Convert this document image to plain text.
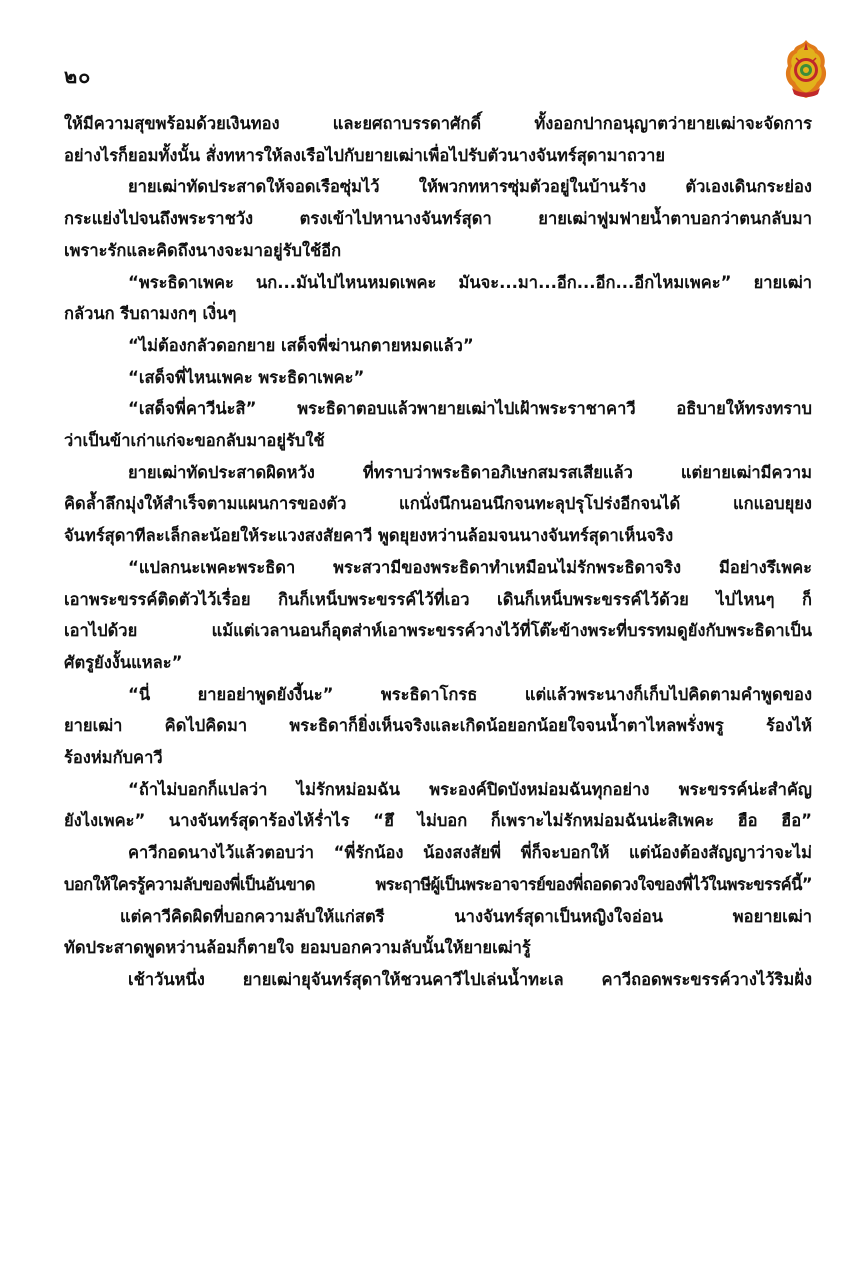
๒๐
ให้มีความสุขพร้อมด้วยเงินทอง และยศถาบรรดาศักดิ์ ทั้งออกปากอนุญาตว่ายายเฒ่าจะจัดการ
อย่างไรก็ยอมทั้งนั้น สั่งทหารให้ลงเรือไปกับยายเฒ่าเพื่อไปรับตัวนางจันทร์สุดามาถวาย
ยายเฒ่าทัดประสาดให้จอดเรือซุ่มไว้ ให้พวกทหารซุ่มตัวอยู่ในบ้านร้าง ตัวเองเดินกระย่อง
กระแย่งไปจนถึงพระราชวัง ตรงเข้าไปหานางจันทร์สุดา ยายเฒ่าฟูมฟายน้ำตาบอกว่าตนกลับมา
เพราะรักและคิดถึงนางจะมาอยู่รับใช้อีก
“พระธิดาเพคะ นก...มันไปไหนหมดเพคะ มันจะ...มา...อีก...อีก...อีกไหมเพคะ” ยายเฒ่า
กลัวนก รีบถามงกๆ เงิ่นๆ
“ไม่ต้องกลัวดอกยาย เสด็จพี่ฆ่านกตายหมดแล้ว”
“เสด็จพี่ไหนเพคะ พระธิดาเพคะ”
“เสด็จพี่คาวีน่ะสิ” พระธิดาตอบแล้วพายายเฒ่าไปเฝ้าพระราชาคาวี อธิบายให้ทรงทราบ
ว่าเป็นข้าเก่าแก่จะขอกลับมาอยู่รับใช้
ยายเฒ่าทัดประสาดผิดหวัง ที่ทราบว่าพระธิดาอภิเษกสมรสเสียแล้ว แต่ยายเฒ่ามีความ
คิดล้ำลึกมุ่งให้สำเร็จตามแผนการของตัว แกนั่งนึกนอนนึกจนทะลุปรุโปร่งอีกจนได้ แกแอบยุยง
จันทร์สุดาทีละเล็กละน้อยให้ระแวงสงสัยคาวี พูดยุยงหว่านล้อมจนนางจันทร์สุดาเห็นจริง
“แปลกนะเพคะพระธิดา พระสวามีของพระธิดาทำเหมือนไม่รักพระธิดาจริง มีอย่างรึเพคะ
เอาพระขรรค์ติดตัวไว้เรื่อย กินก็เหน็บพระขรรค์ไว้ที่เอว เดินก็เหน็บพระขรรค์ไว้ด้วย ไปไหนๆ ก็
เอาไปด้วย แม้แต่เวลานอนก็อุตส่าห์เอาพระขรรค์วางไว้ที่โต๊ะข้างพระที่บรรทมดูยังกับพระธิดาเป็น
ศัตรูยังงั้นแหละ”
“นี่ ยายอย่าพูดยังงี้นะ” พระธิดาโกรธ แต่แล้วพระนางก็เก็บไปคิดตามคำพูดของ
ยายเฒ่า คิดไปคิดมา พระธิดาก็ยิ่งเห็นจริงและเกิดน้อยอกน้อยใจจนน้ำตาไหลพรั่งพรู ร้องไห้
ร้องห่มกับคาวี
“ถ้าไม่บอกก็แปลว่า ไม่รักหม่อมฉัน พระองค์ปิดบังหม่อมฉันทุกอย่าง พระขรรค์น่ะสำคัญ
ยังไงเพคะ” นางจันทร์สุดาร้องไห้ร่ำไร “ฮึ ไม่บอก ก็เพราะไม่รักหม่อมฉันน่ะสิเพคะ ฮือ ฮือ”
คาวีกอดนางไว้แล้วตอบว่า “พี่รักน้อง น้องสงสัยพี่ พี่ก็จะบอกให้ แต่น้องต้องสัญญาว่าจะไม่
บอกให้ใครรู้ความลับของพี่เป็นอันขาด พระฤาษีผู้เป็นพระอาจารย์ของพี่ถอดดวงใจของพี่ไว้ในพระขรรค์นี้”
แต่คาวีคิดผิดที่บอกความลับให้แก่สตรี นางจันทร์สุดาเป็นหญิงใจอ่อน พอยายเฒ่า
ทัดประสาดพูดหว่านล้อมก็ตายใจ ยอมบอกความลับนั้นให้ยายเฒ่ารู้
เช้าวันหนึ่ง ยายเฒ่ายุจันทร์สุดาให้ชวนคาวีไปเล่นน้ำทะเล คาวีถอดพระขรรค์วางไว้ริมฝั่ง
